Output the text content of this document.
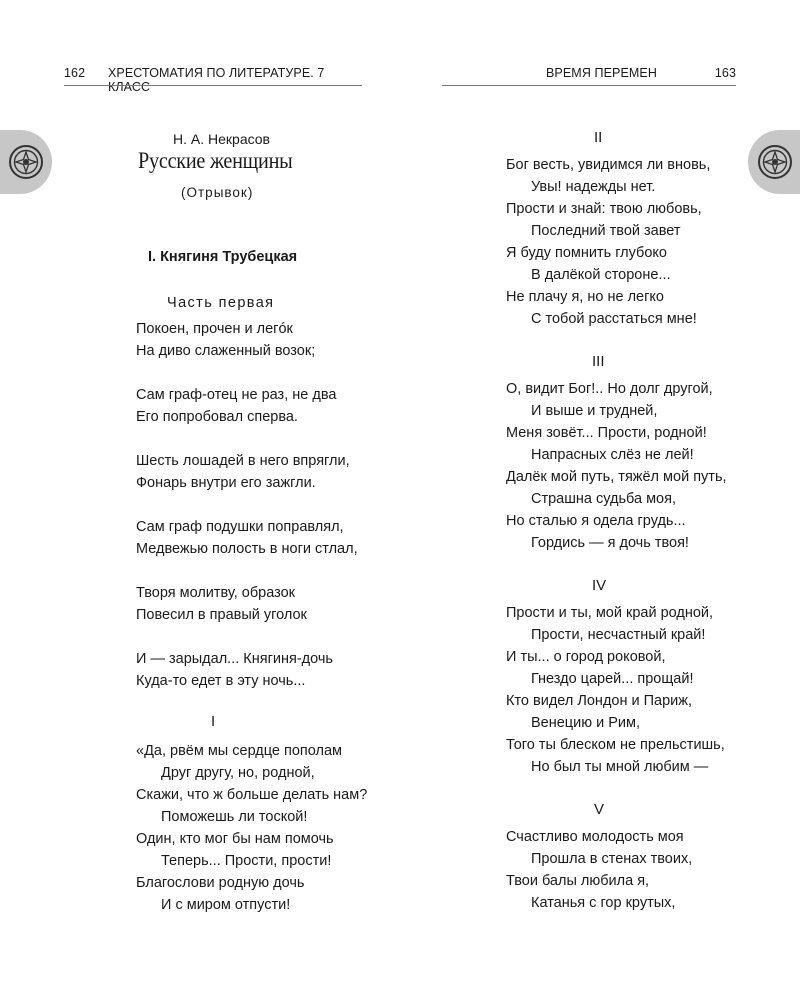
162 ХРЕСТОМАТИЯ ПО ЛИТЕРАТУРЕ. 7 КЛАСС
Н. А. Некрасов
Русские женщины
(Отрывок)
I. Княгиня Трубецкая
Часть первая
Покоен, прочен и легóк
На диво слаженный возок;
Сам граф-отец не раз, не два
Его попробовал сперва.
Шесть лошадей в него впрягли,
Фонарь внутри его зажгли.
Сам граф подушки поправлял,
Медвежью полость в ноги стлал,
Творя молитву, образок
Повесил в правый уголок
И — зарыдал... Княгиня-дочь
Куда-то едет в эту ночь...
I
«Да, рвём мы сердце пополам
Друг другу, но, родной,
Скажи, что ж больше делать нам?
Поможешь ли тоской!
Один, кто мог бы нам помочь
Теперь... Прости, прости!
Благослови родную дочь
И с миром отпусти!
ВРЕМЯ ПЕРЕМЕН	163
II
Бог весть, увидимся ли вновь,
Увы! надежды нет.
Прости и знай: твою любовь,
Последний твой завет
Я буду помнить глубоко
В далёкой стороне...
Не плачу я, но не легко
С тобой расстаться мне!
III
О, видит Бог!.. Но долг другой,
И выше и трудней,
Меня зовёт... Прости, родной!
Напрасных слёз не лей!
Далёк мой путь, тяжёл мой путь,
Страшна судьба моя,
Но сталью я одела грудь...
Гордись — я дочь твоя!
IV
Прости и ты, мой край родной,
Прости, несчастный край!
И ты... о город роковой,
Гнездо царей... прощай!
Кто видел Лондон и Париж,
Венецию и Рим,
Того ты блеском не прельстишь,
Но был ты мной любим —
V
Счастливо молодость моя
Прошла в стенах твоих,
Твои балы любила я,
Катанья с гор крутых,
